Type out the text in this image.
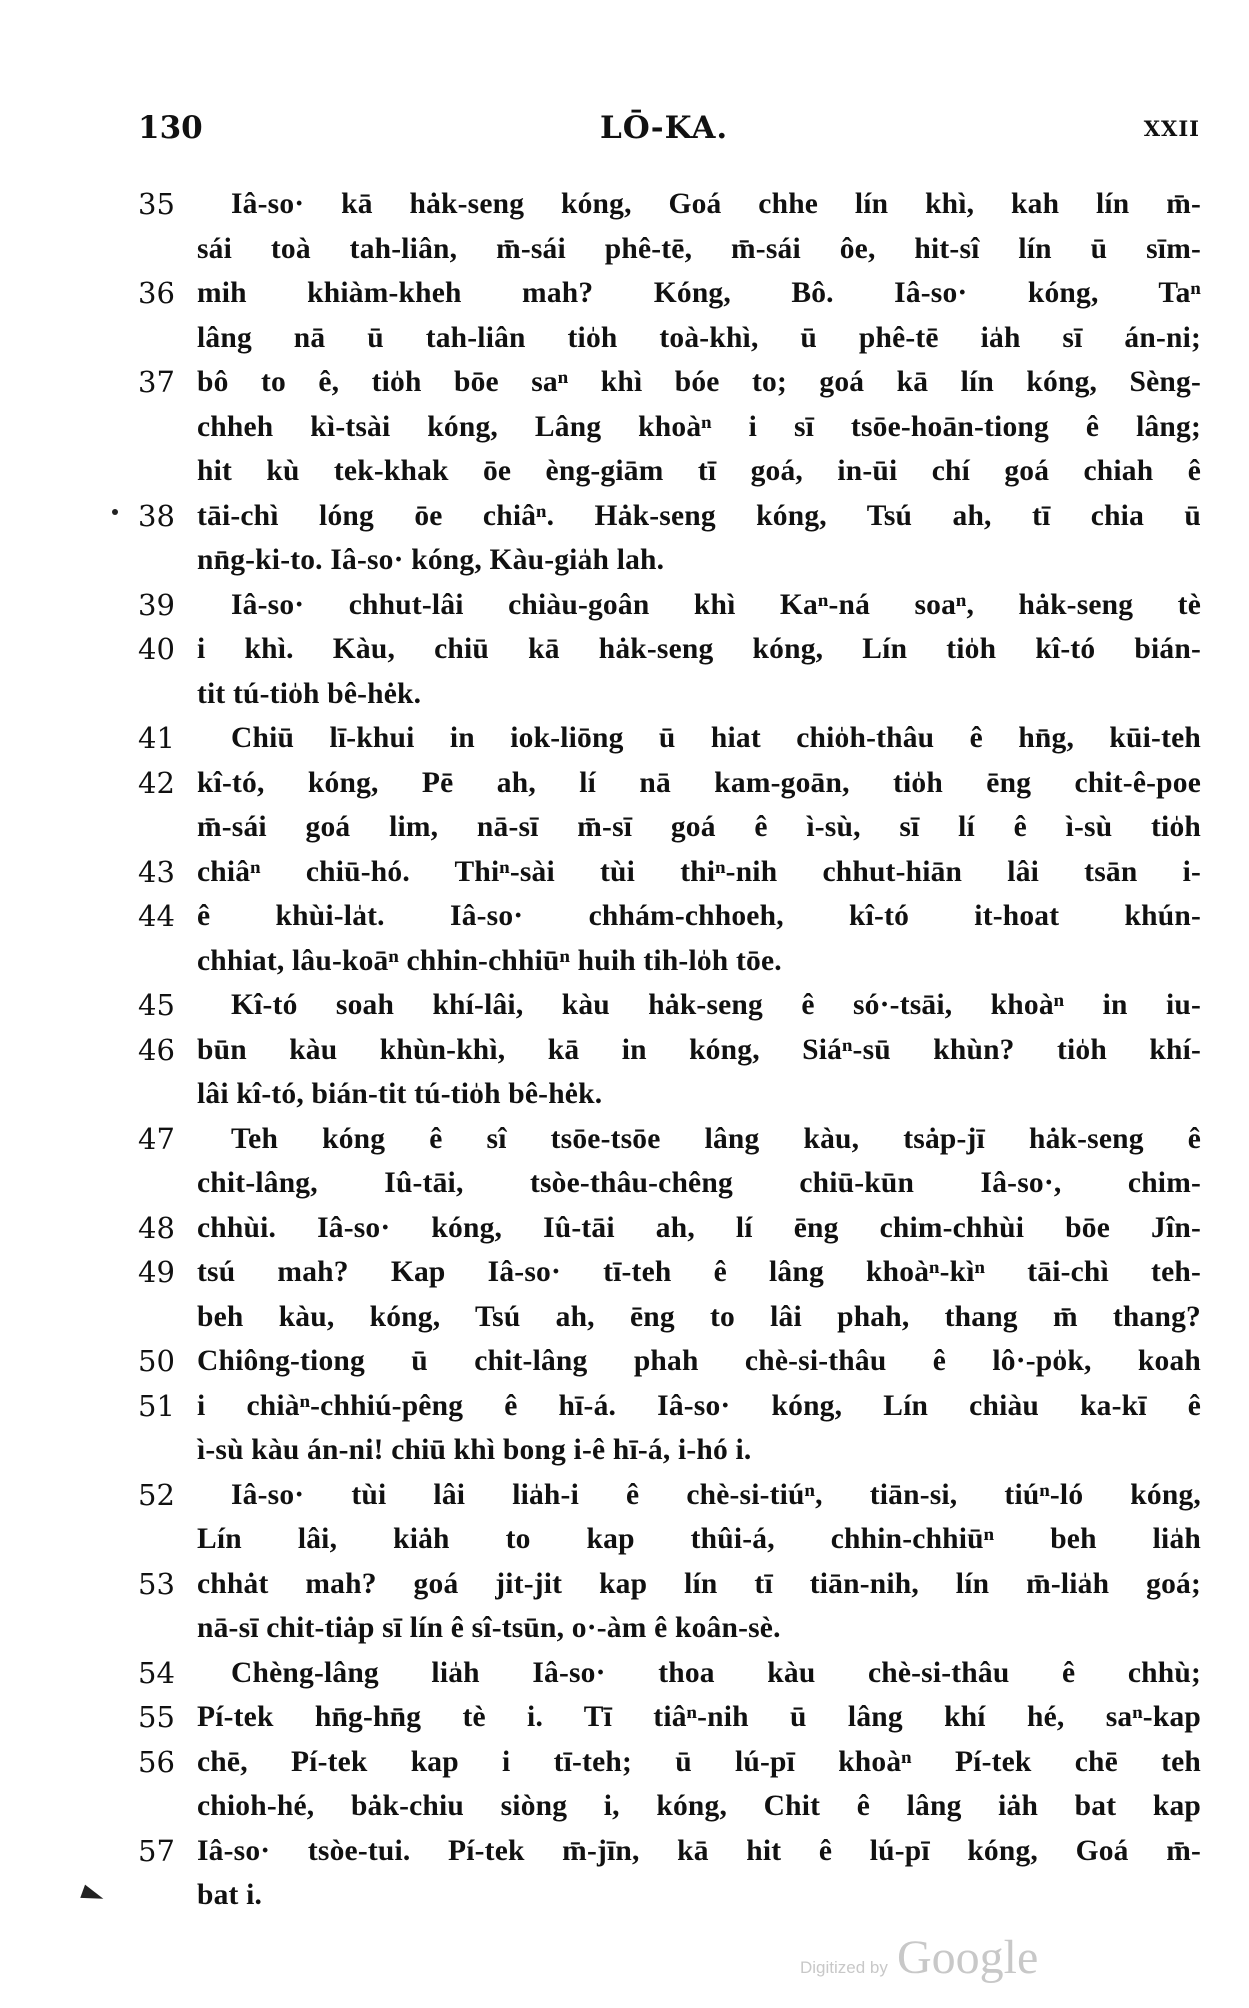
130	LŌ-KA.	XXII
35	Iâ-so· kā hȧk-seng kóng, Goá chhe lín khì, kah lín m̄-
sái toà tah-liân, m̄-sái phê-tē, m̄-sái ôe, hit-sî lín ū sīm-
36 mih khiàm-kheh mah? Kóng, Bô. Iâ-so· kóng, Taⁿ
lâng nā ū tah-liân tio̍h toà-khì, ū phê-tē ia̍h sī án-ni;
37 bô to ê, tio̍h bōe saⁿ khì bóe to; goá kā lín kóng, Sèng-
chheh kì-tsài kóng, Lâng khoàⁿ i sī tsōe-hoān-tiong ê lâng;
hit kù tek-khak ōe èng-giām tī goá, in-ūi chí goá chiah ê
38 tāi-chì lóng ōe chiâⁿ. Hȧk-seng kóng, Tsú ah, tī chia ū
nn̄g-ki-to. Iâ-so· kóng, Kàu-gia̍h lah.
39	Iâ-so· chhut-lâi chiàu-goân khì Kaⁿ-ná soaⁿ, hȧk-seng tè
40 i khì. Kàu, chiū kā hȧk-seng kóng, Lín tio̍h kî-tó bián-
tit tú-tio̍h bê-hėk.
41	Chiū lī-khui in iok-liōng ū hiat chio̍h-thâu ê hn̄g, kūi-teh
42 kî-tó, kóng, Pē ah, lí nā kam-goān, tio̍h ēng chit-ê-poe
m̄-sái goá lim, nā-sī m̄-sī goá ê ì-sù, sī lí ê ì-sù tio̍h
43 chiâⁿ chiū-hó. Thiⁿ-sài tùi thiⁿ-nih chhut-hiān lâi tsān i-
44 ê khùi-la̍t. Iâ-so· chhám-chhoeh, kî-tó it-hoat khún-
chhiat, lâu-koāⁿ chhin-chhiūⁿ huih tih-lo̍h tōe.
45	Kî-tó soah khí-lâi, kàu hȧk-seng ê só·-tsāi, khoàⁿ in iu-
46 būn kàu khùn-khì, kā in kóng, Siáⁿ-sū khùn? tio̍h khí-
lâi kî-tó, bián-tit tú-tio̍h bê-hėk.
47	Teh kóng ê sî tsōe-tsōe lâng kàu, tsȧp-jī hȧk-seng ê
chit-lâng, Iû-tāi, tsòe-thâu-chêng chiū-kūn Iâ-so·, chim-
48 chhùi. Iâ-so· kóng, Iû-tāi ah, lí ēng chim-chhùi bōe Jîn-
49 tsú mah? Kap Iâ-so· tī-teh ê lâng khoàⁿ-kìⁿ tāi-chì teh-
beh kàu, kóng, Tsú ah, ēng to lâi phah, thang m̄ thang?
50 Chiông-tiong ū chit-lâng phah chè-si-thâu ê lô·-po̍k, koah
51 i chiàⁿ-chhiú-pêng ê hī-á. Iâ-so· kóng, Lín chiàu ka-kī ê
ì-sù kàu án-ni! chiū khì bong i-ê hī-á, i-hó i.
52	Iâ-so· tùi lâi lia̍h-i ê chè-si-tiúⁿ, tiān-si, tiúⁿ-ló kóng,
Lín lâi, kiȧh to kap thûi-á, chhin-chhiūⁿ beh lia̍h
53 chhȧt mah? goá jit-jit kap lín tī tiān-nih, lín m̄-lia̍h goá;
nā-sī chit-tiȧp sī lín ê sî-tsūn, o·-àm ê koân-sè.
54	Chèng-lâng lia̍h Iâ-so· thoa kàu chè-si-thâu ê chhù;
55 Pí-tek hn̄g-hn̄g tè i. Tī tiâⁿ-nih ū lâng khí hé, saⁿ-kap
56 chē, Pí-tek kap i tī-teh; ū lú-pī khoàⁿ Pí-tek chē teh
chioh-hé, bȧk-chiu siòng i, kóng, Chit ê lâng iȧh bat kap
57 Iâ-so· tsòe-tui. Pí-tek m̄-jīn, kā hit ê lú-pī kóng, Goá m̄-
bat i.
Digitized by Google
